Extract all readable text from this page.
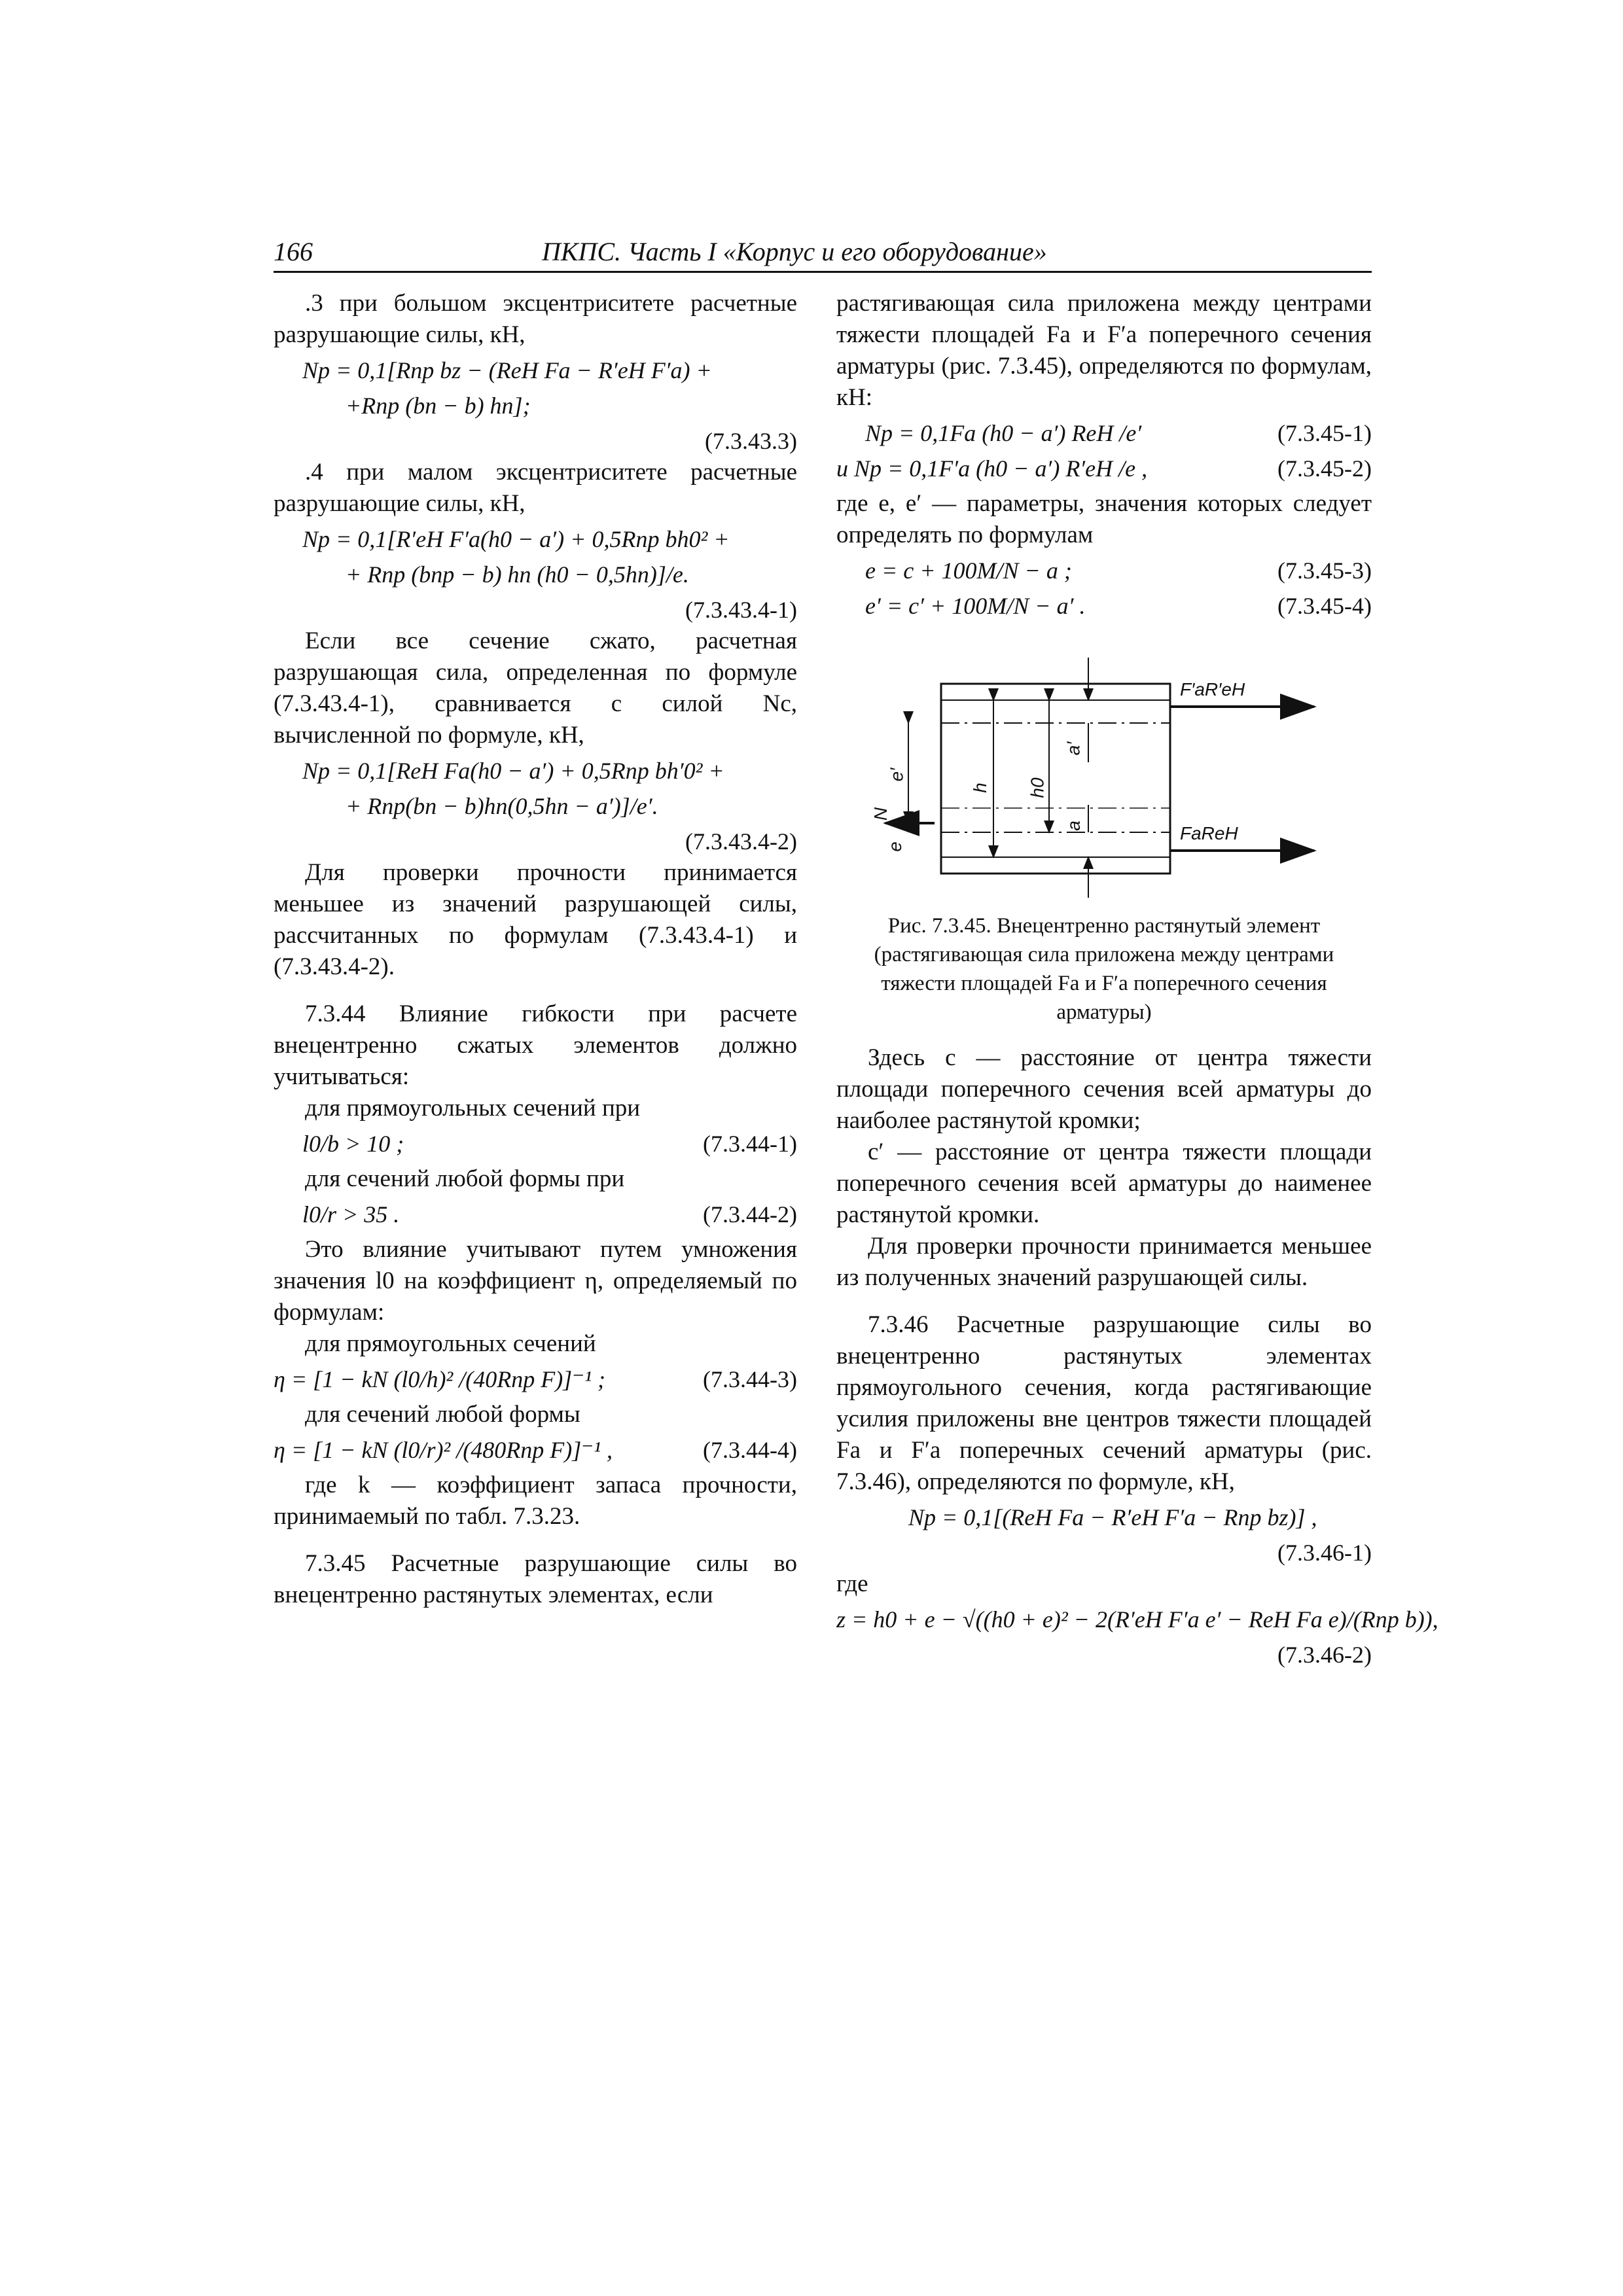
166	ПКПС. Часть I «Корпус и его оборудование»

.3 при большом эксцентриситете расчетные разрушающие силы, кН,

Nр = 0,1[Rпр bz − (RеН Fа − R′еН F′а) +
+Rпр (bп − b) hп];
(7.3.43.3)

.4 при малом эксцентриситете расчетные разрушающие силы, кН,

Nр = 0,1[R′еН F′а(h0 − a′) + 0,5Rпр bh0² +
+ Rпр (bпр − b) hп (h0 − 0,5hп)]/e.
(7.3.43.4-1)

Если все сечение сжато, расчетная разрушающая сила, определенная по формуле (7.3.43.4-1), сравнивается с силой Nс, вычисленной по формуле, кН,

Nр = 0,1[RеН Fа(h0 − a′) + 0,5Rпр bh′0² +
+ Rпр(bп − b)hп(0,5hп − a′)]/e′.
(7.3.43.4-2)

Для проверки прочности принимается меньшее из значений разрушающей силы, рассчитанных по формулам (7.3.43.4-1) и (7.3.43.4-2).

7.3.44 Влияние гибкости при расчете внецентренно сжатых элементов должно учитываться:

для прямоугольных сечений при

l0/b > 10 ;	(7.3.44-1)

для сечений любой формы при

l0/r > 35 .	(7.3.44-2)

Это влияние учитывают путем умножения значения l0 на коэффициент η, определяемый по формулам:

для прямоугольных сечений

η = [1 − kN (l0/h)² /(40Rпр F)]⁻¹ ;	(7.3.44-3)

для сечений любой формы

η = [1 − kN (l0/r)² /(480Rпр F)]⁻¹ ,	(7.3.44-4)

где k — коэффициент запаса прочности, принимаемый по табл. 7.3.23.

7.3.45 Расчетные разрушающие силы во внецентренно растянутых элементах, если

растягивающая сила приложена между центрами тяжести площадей Fа и F′а поперечного сечения арматуры (рис. 7.3.45), определяются по формулам, кН:

Nр = 0,1Fа (h0 − a′) RеН /e′	(7.3.45-1)
и Nр = 0,1F′а (h0 − a′) R′еН /e ,	(7.3.45-2)

где e, e′ — параметры, значения которых следует определять по формулам

e = c + 100M/N − a ;	(7.3.45-3)
e′ = c′ + 100M/N − a′ .	(7.3.45-4)
F′аR′еН
FаRеН
N
e′
e
h	h0
a′
a

Рис. 7.3.45. Внецентренно растянутый элемент (растягивающая сила приложена между центрами тяжести площадей Fа и F′а поперечного сечения арматуры)

Здесь c — расстояние от центра тяжести площади поперечного сечения всей арматуры до наиболее растянутой кромки;

c′ — расстояние от центра тяжести площади поперечного сечения всей арматуры до наименее растянутой кромки.

Для проверки прочности принимается меньшее из полученных значений разрушающей силы.

7.3.46 Расчетные разрушающие силы во внецентренно растянутых элементах прямоугольного сечения, когда растягивающие усилия приложены вне центров тяжести площадей Fа и F′а поперечных сечений арматуры (рис. 7.3.46), определяются по формуле, кН,

Nр = 0,1[(RеН Fа − R′еН F′а − Rпр bz)] ,
(7.3.46-1)

где

z = h0 + e − √((h0 + e)² − 2(R′еН F′а e′ − RеН Fа e)/(Rпр b)),
(7.3.46-2)
